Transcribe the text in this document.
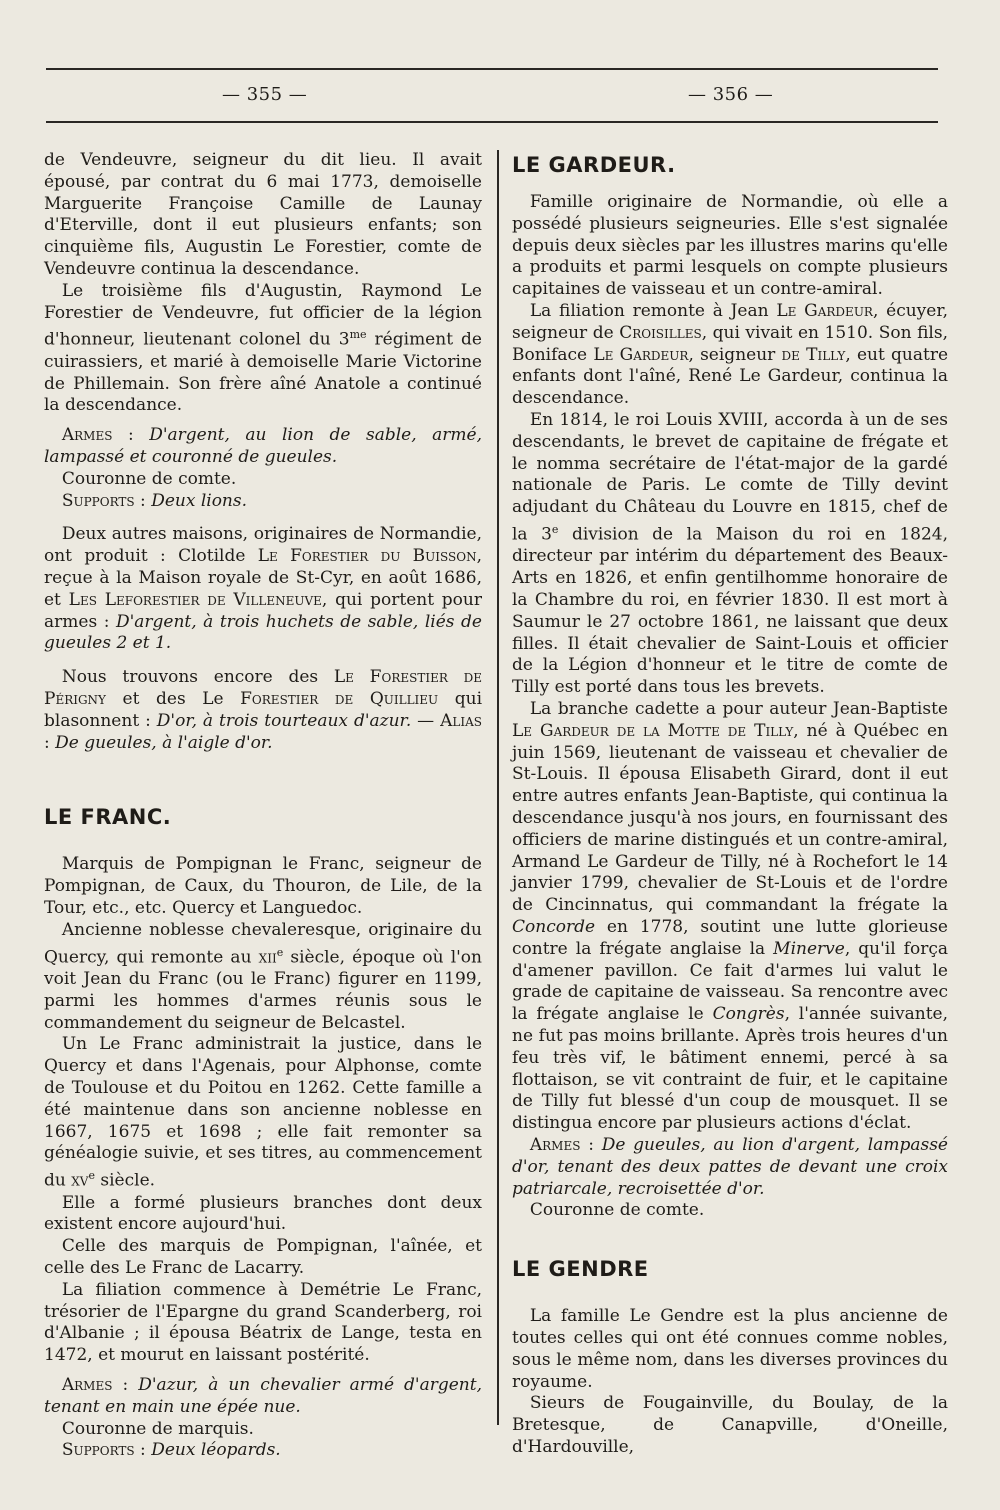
— 355 —	— 356 —

de Vendeuvre, seigneur du dit lieu. Il avait épousé, par contrat du 6 mai 1773, demoiselle Marguerite Françoise Camille de Launay d'Eterville, dont il eut plusieurs enfants; son cinquième fils, Augustin Le Forestier, comte de Vendeuvre continua la descendance.

Le troisième fils d'Augustin, Raymond Le Forestier de Vendeuvre, fut officier de la légion d'honneur, lieutenant colonel du $3^{me}$ régiment de cuirassiers, et marié à demoiselle Marie Victorine de Phillemain. Son frère aîné Anatole a continué la descendance.

Armes : D'argent, au lion de sable, armé, lampassé et couronné de gueules.

Couronne de comte.

Supports : Deux lions.

Deux autres maisons, originaires de Normandie, ont produit : Clotilde Le Forestier du Buisson, reçue à la Maison royale de St-Cyr, en août 1686, et Les Leforestier de Villeneuve, qui portent pour armes : D'argent, à trois huchets de sable, liés de gueules 2 et 1.

Nous trouvons encore des Le Forestier de Périgny et des Le Forestier de Quillieu qui blasonnent : D'or, à trois tourteaux d'azur. — Alias : De gueules, à l'aigle d'or.

LE FRANC.

Marquis de Pompignan le Franc, seigneur de Pompignan, de Caux, du Thouron, de Lile, de la Tour, etc., etc. Quercy et Languedoc.

Ancienne noblesse chevaleresque, originaire du Quercy, qui remonte au xii$^e$ siècle, époque où l'on voit Jean du Franc (ou le Franc) figurer en 1199, parmi les hommes d'armes réunis sous le commandement du seigneur de Belcastel.

Un Le Franc administrait la justice, dans le Quercy et dans l'Agenais, pour Alphonse, comte de Toulouse et du Poitou en 1262. Cette famille a été maintenue dans son ancienne noblesse en 1667, 1675 et 1698 ; elle fait remonter sa généalogie suivie, et ses titres, au commencement du $xv^e$ siècle.

Elle a formé plusieurs branches dont deux existent encore aujourd'hui.

Celle des marquis de Pompignan, l'aînée, et celle des Le Franc de Lacarry.

La filiation commence à Demétrie Le Franc, trésorier de l'Epargne du grand Scanderberg, roi d'Albanie ; il épousa Béatrix de Lange, testa en 1472, et mourut en laissant postérité.

Armes : D'azur, à un chevalier armé d'argent, tenant en main une épée nue.

Couronne de marquis.

Supports : Deux léopards.

LE GARDEUR.

Famille originaire de Normandie, où elle a possédé plusieurs seigneuries. Elle s'est signalée depuis deux siècles par les illustres marins qu'elle a produits et parmi lesquels on compte plusieurs capitaines de vaisseau et un contre-amiral.

La filiation remonte à Jean Le Gardeur, écuyer, seigneur de Croisilles, qui vivait en 1510. Son fils, Boniface Le Gardeur, seigneur de Tilly, eut quatre enfants dont l'aîné, René Le Gardeur, continua la descendance.

En 1814, le roi Louis XVIII, accorda à un de ses descendants, le brevet de capitaine de frégate et le nomma secrétaire de l'état-major de la gardé nationale de Paris. Le comte de Tilly devint adjudant du Château du Louvre en 1815, chef de la 3e division de la Maison du roi en 1824, directeur par intérim du département des Beaux-Arts en 1826, et enfin gentilhomme honoraire de la Chambre du roi, en février 1830. Il est mort à Saumur le 27 octobre 1861, ne laissant que deux filles. Il était chevalier de Saint-Louis et officier de la Légion d'honneur et le titre de comte de Tilly est porté dans tous les brevets.

La branche cadette a pour auteur Jean-Baptiste Le Gardeur de la Motte de Tilly, né à Québec en juin 1569, lieutenant de vaisseau et chevalier de St-Louis. Il épousa Elisabeth Girard, dont il eut entre autres enfants Jean-Baptiste, qui continua la descendance jusqu'à nos jours, en fournissant des officiers de marine distingués et un contre-amiral, Armand Le Gardeur de Tilly, né à Rochefort le 14 janvier 1799, chevalier de St-Louis et de l'ordre de Cincinnatus, qui commandant la frégate la Concorde en 1778, soutint une lutte glorieuse contre la frégate anglaise la Minerve, qu'il força d'amener pavillon. Ce fait d'armes lui valut le grade de capitaine de vaisseau. Sa rencontre avec la frégate anglaise le Congrès, l'année suivante, ne fut pas moins brillante. Après trois heures d'un feu très vif, le bâtiment ennemi, percé à sa flottaison, se vit contraint de fuir, et le capitaine de Tilly fut blessé d'un coup de mousquet. Il se distingua encore par plusieurs actions d'éclat.

Armes : De gueules, au lion d'argent, lampassé d'or, tenant des deux pattes de devant une croix patriarcale, recroisettée d'or.

Couronne de comte.

LE GENDRE

La famille Le Gendre est la plus ancienne de toutes celles qui ont été connues comme nobles, sous le même nom, dans les diverses provinces du royaume.

Sieurs de Fougainville, du Boulay, de la Bretesque, de Canapville, d'Oneille, d'Hardouville,
